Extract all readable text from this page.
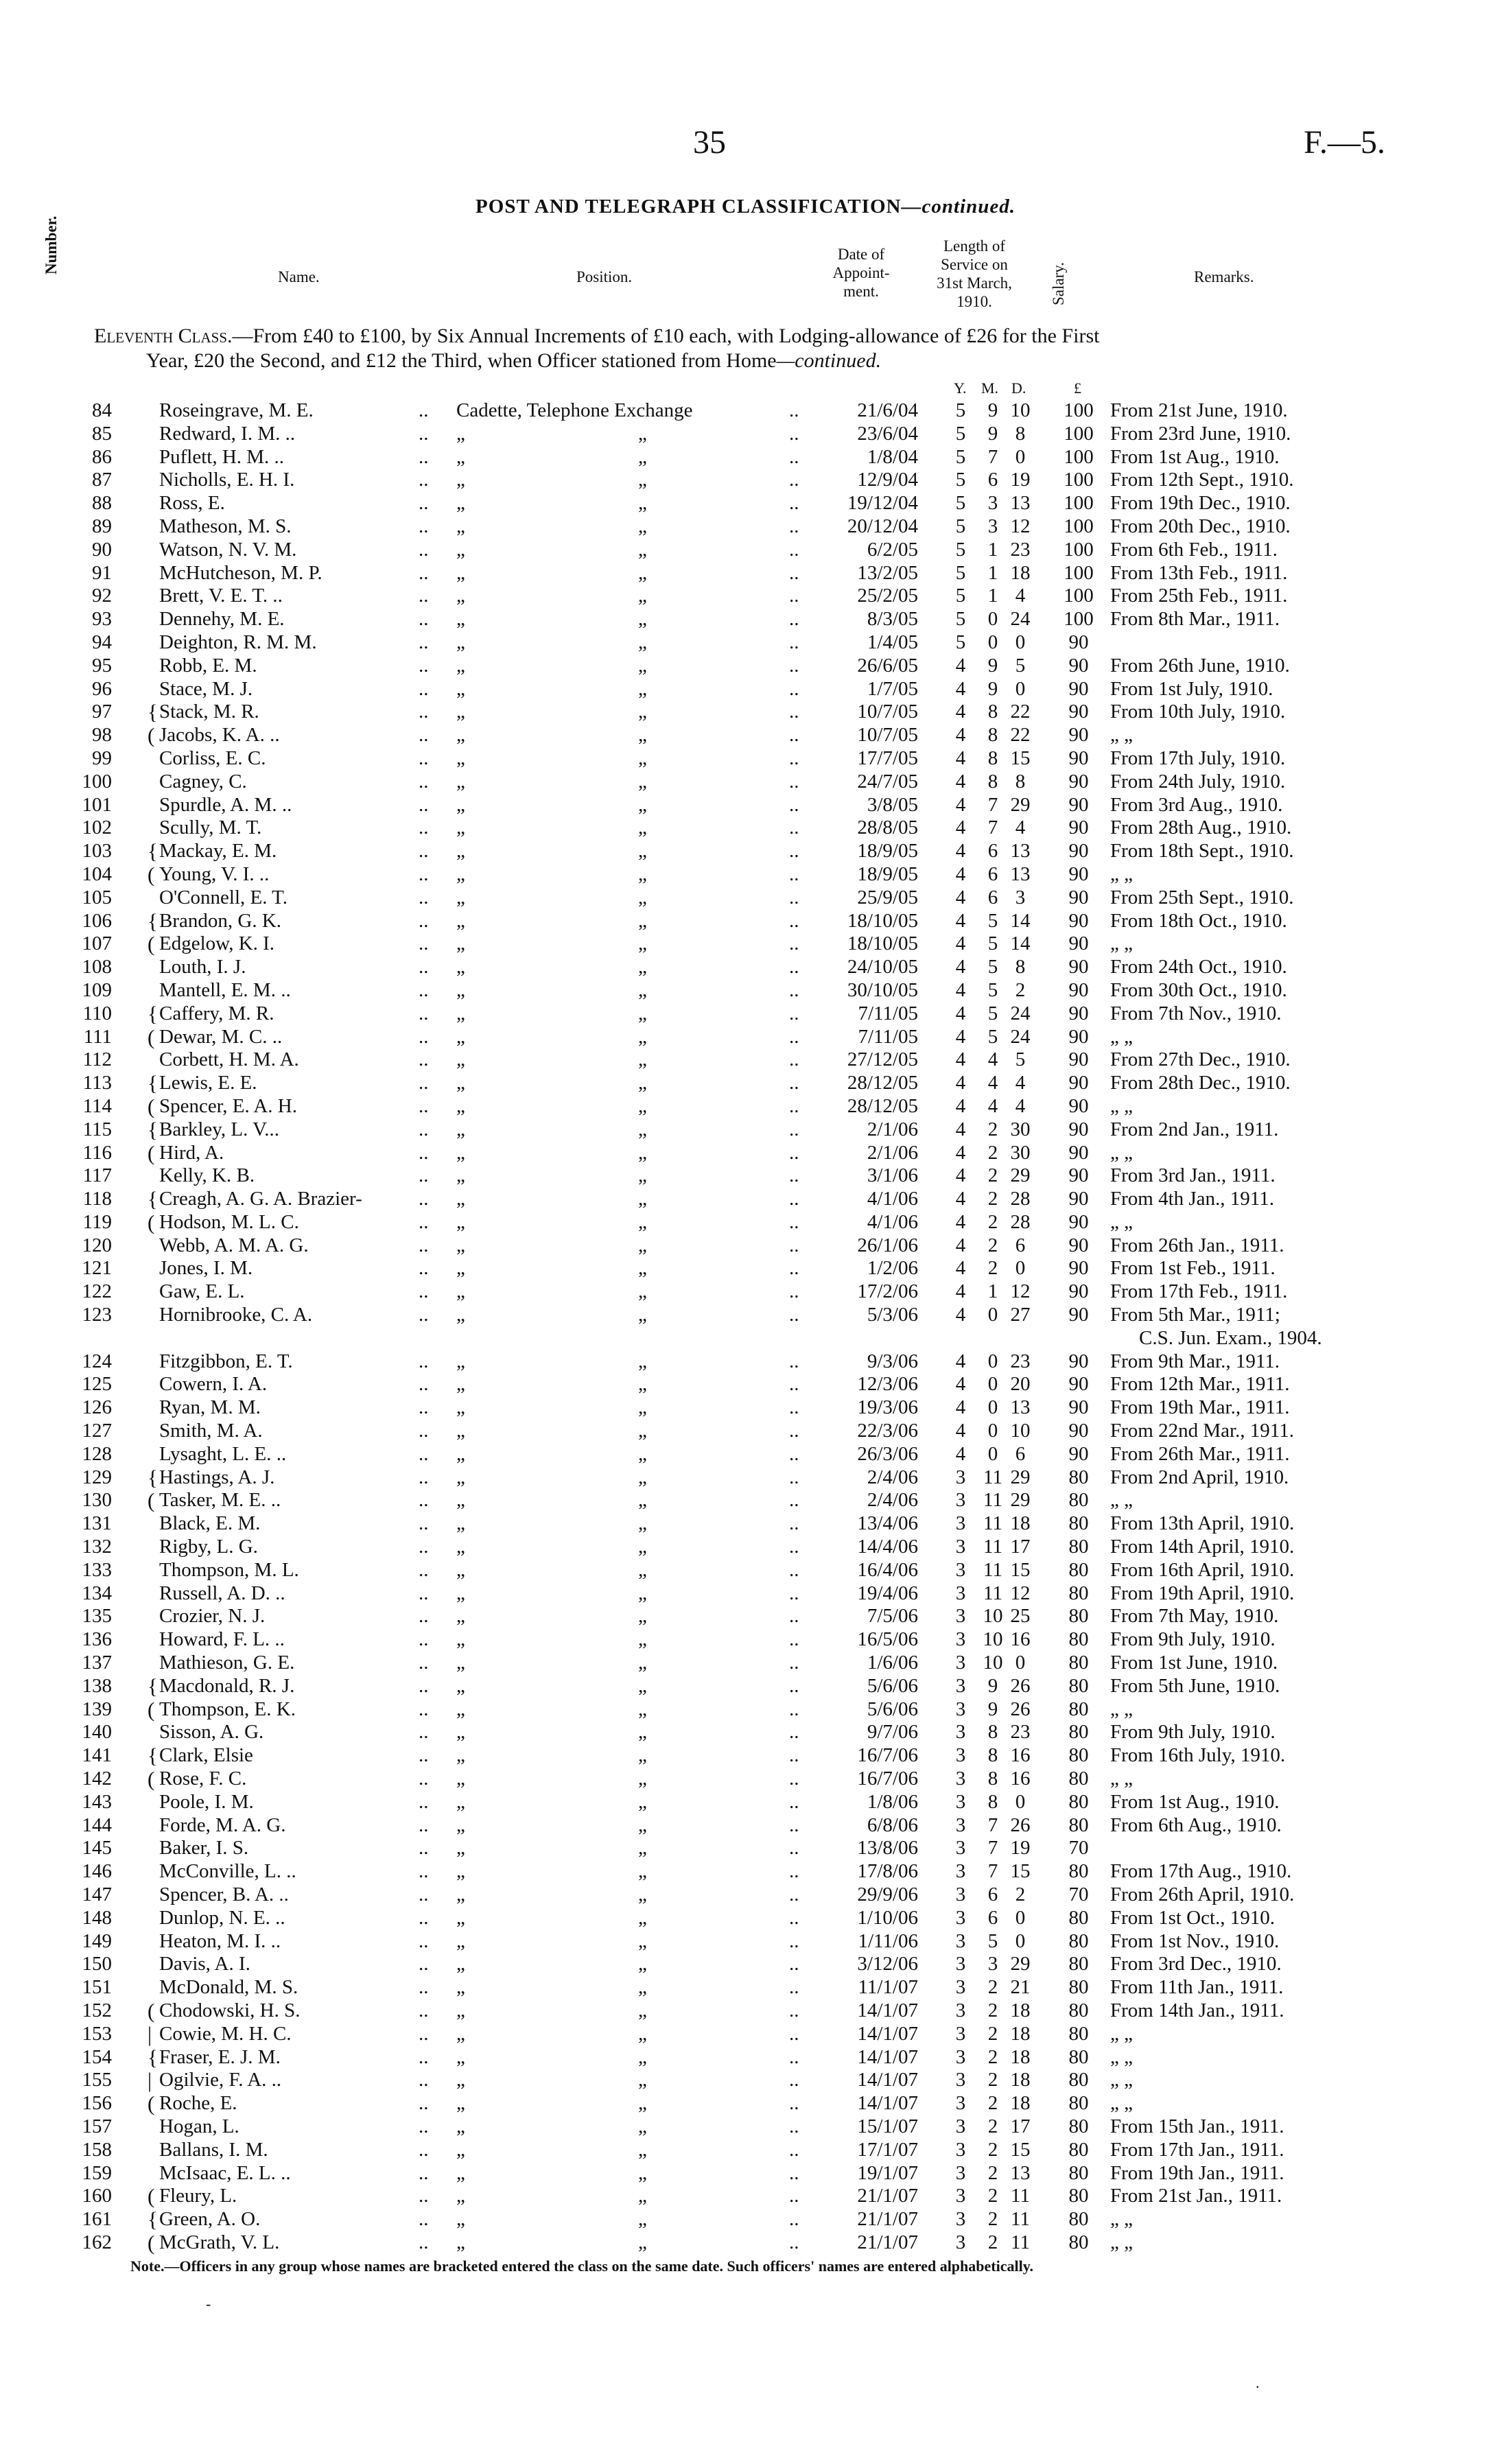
35	F.—5.
POST AND TELEGRAPH CLASSIFICATION—continued.
Number.
Name.	Position.
Date of
Appoint-
ment.
Length of
Service on
31st March,
1910.	Salary.	Remarks.
Eleventh Class.—From £40 to £100, by Six Annual Increments of £10 each, with Lodging-allowance of £26 for the First
Year, £20 the Second, and £12 the Third, when Officer stationed from Home—continued.
Y. M. D.	£
84 Roseingrave, M. E.	.. Cadette, Telephone Exchange	..	21/6/04 5	9 10 100 From 21st June, 1910.
85 Redward, I. M. ..	.. „	„	..	23/6/04 5	9 8	100 From 23rd June, 1910.
86 Puflett, H. M. ..	.. „	„	..	1/8/04 5	7 0	100 From 1st Aug., 1910.
87 Nicholls, E. H. I.	.. „	„	..	12/9/04 5	6 19 100 From 12th Sept., 1910.
88 Ross, E.	.. „	„	.. 19/12/04 5	3 13 100 From 19th Dec., 1910.
89 Matheson, M. S.	.. „	„	.. 20/12/04 5	3 12 100 From 20th Dec., 1910.
90 Watson, N. V. M.	.. „	„	..	6/2/05 5	1 23 100 From 6th Feb., 1911.
91 McHutcheson, M. P.	.. „	„	..	13/2/05 5	1 18 100 From 13th Feb., 1911.
92 Brett, V. E. T. ..	.. „	„	..	25/2/05 5	1 4	100 From 25th Feb., 1911.
93 Dennehy, M. E.	.. „	„	..	8/3/05 5	0 24 100 From 8th Mar., 1911.
94 Deighton, R. M. M.	.. „	„	..	1/4/05 5	0 0	90
95 Robb, E. M.	.. „	„	..	26/6/05 4	9 5	90	From 26th June, 1910.
96 Stace, M. J.	.. „	„	..	1/7/05 4	9 0	90	From 1st July, 1910.
97 { Stack, M. R.	.. „	„	..	10/7/05 4	8 22	90	From 10th July, 1910.
98 ( Jacobs, K. A. ..	.. „	„	..	10/7/05 4	8 22	90	„ „
99 Corliss, E. C.	.. „	„	..	17/7/05 4	8 15	90	From 17th July, 1910.
100 Cagney, C.	.. „	„	..	24/7/05 4	8 8	90	From 24th July, 1910.
101 Spurdle, A. M. ..	.. „	„	..	3/8/05 4	7 29	90	From 3rd Aug., 1910.
102 Scully, M. T.	.. „	„	..	28/8/05 4	7 4	90	From 28th Aug., 1910.
103 { Mackay, E. M.	.. „	„	..	18/9/05 4	6 13	90	From 18th Sept., 1910.
104 ( Young, V. I. ..	.. „	„	..	18/9/05 4	6 13	90	„ „
105 O'Connell, E. T.	.. „	„	..	25/9/05 4	6 3	90	From 25th Sept., 1910.
106 { Brandon, G. K.	.. „	„	.. 18/10/05 4	5 14	90	From 18th Oct., 1910.
107 ( Edgelow, K. I.	.. „	„	.. 18/10/05 4	5 14	90	„ „
108 Louth, I. J.	.. „	„	.. 24/10/05 4	5 8	90	From 24th Oct., 1910.
109 Mantell, E. M. ..	.. „	„	.. 30/10/05 4	5 2	90	From 30th Oct., 1910.
110 { Caffery, M. R.	.. „	„	..	7/11/05 4	5 24	90	From 7th Nov., 1910.
111 ( Dewar, M. C. ..	.. „	„	..	7/11/05 4	5 24	90	„ „
112 Corbett, H. M. A.	.. „	„	.. 27/12/05 4	4 5	90	From 27th Dec., 1910.
113 { Lewis, E. E.	.. „	„	.. 28/12/05 4	4 4	90	From 28th Dec., 1910.
114 ( Spencer, E. A. H.	.. „	„	.. 28/12/05 4	4 4	90	„ „
115 { Barkley, L. V...	.. „	„	..	2/1/06 4	2 30	90	From 2nd Jan., 1911.
116 ( Hird, A.	.. „	„	..	2/1/06 4	2 30	90	„ „
117 Kelly, K. B.	.. „	„	..	3/1/06 4	2 29	90	From 3rd Jan., 1911.
118 { Creagh, A. G. A. Brazier-	.. „	„	..	4/1/06 4	2 28	90	From 4th Jan., 1911.
119 ( Hodson, M. L. C.	.. „	„	..	4/1/06 4	2 28	90	„ „
120 Webb, A. M. A. G.	.. „	„	..	26/1/06 4	2 6	90	From 26th Jan., 1911.
121 Jones, I. M.	.. „	„	..	1/2/06 4	2 0	90	From 1st Feb., 1911.
122 Gaw, E. L.	.. „	„	..	17/2/06 4	1 12	90	From 17th Feb., 1911.
123 Hornibrooke, C. A.	.. „	„	..	5/3/06 4	0 27	90	From 5th Mar., 1911;
C.S. Jun. Exam., 1904.
124 Fitzgibbon, E. T.	.. „	„	..	9/3/06 4	0 23	90	From 9th Mar., 1911.
125 Cowern, I. A.	.. „	„	..	12/3/06 4	0 20	90	From 12th Mar., 1911.
126 Ryan, M. M.	.. „	„	..	19/3/06 4	0 13	90	From 19th Mar., 1911.
127 Smith, M. A.	.. „	„	..	22/3/06 4	0 10	90	From 22nd Mar., 1911.
128 Lysaght, L. E. ..	.. „	„	..	26/3/06 4	0 6	90	From 26th Mar., 1911.
129 { Hastings, A. J.	.. „	„	..	2/4/06 3 11 29	80	From 2nd April, 1910.
130 ( Tasker, M. E. ..	.. „	„	..	2/4/06 3 11 29	80	„ „
131 Black, E. M.	.. „	„	..	13/4/06 3 11 18	80	From 13th April, 1910.
132 Rigby, L. G.	.. „	„	..	14/4/06 3 11 17	80	From 14th April, 1910.
133 Thompson, M. L.	.. „	„	..	16/4/06 3 11 15	80	From 16th April, 1910.
134 Russell, A. D. ..	.. „	„	..	19/4/06 3 11 12	80	From 19th April, 1910.
135 Crozier, N. J.	.. „	„	..	7/5/06 3 10 25	80	From 7th May, 1910.
136 Howard, F. L. ..	.. „	„	..	16/5/06 3 10 16	80	From 9th July, 1910.
137 Mathieson, G. E.	.. „	„	..	1/6/06 3 10 0	80	From 1st June, 1910.
138 { Macdonald, R. J.	.. „	„	..	5/6/06 3	9 26	80	From 5th June, 1910.
139 ( Thompson, E. K.	.. „	„	..	5/6/06 3	9 26	80	„ „
140 Sisson, A. G.	.. „	„	..	9/7/06 3	8 23	80	From 9th July, 1910.
141 { Clark, Elsie	.. „	„	..	16/7/06 3	8 16	80	From 16th July, 1910.
142 ( Rose, F. C.	.. „	„	..	16/7/06 3	8 16	80	„ „
143 Poole, I. M.	.. „	„	..	1/8/06 3	8 0	80	From 1st Aug., 1910.
144 Forde, M. A. G.	.. „	„	..	6/8/06 3	7 26	80	From 6th Aug., 1910.
145 Baker, I. S.	.. „	„	..	13/8/06 3	7 19	70
146 McConville, L. ..	.. „	„	..	17/8/06 3	7 15	80	From 17th Aug., 1910.
147 Spencer, B. A. ..	.. „	„	..	29/9/06 3	6 2	70	From 26th April, 1910.
148 Dunlop, N. E. ..	.. „	„	..	1/10/06 3	6 0	80	From 1st Oct., 1910.
149 Heaton, M. I. ..	.. „	„	..	1/11/06 3	5 0	80	From 1st Nov., 1910.
150 Davis, A. I.	.. „	„	..	3/12/06 3	3 29	80	From 3rd Dec., 1910.
151 McDonald, M. S.	.. „	„	..	11/1/07 3	2 21	80	From 11th Jan., 1911.
152 ( Chodowski, H. S.	.. „	„	..	14/1/07 3	2 18	80	From 14th Jan., 1911.
153 | Cowie, M. H. C.	.. „	„	..	14/1/07 3	2 18	80	„ „
154 { Fraser, E. J. M.	.. „	„	..	14/1/07 3	2 18	80	„ „
155 | Ogilvie, F. A. ..	.. „	„	..	14/1/07 3	2 18	80	„ „
156 ( Roche, E.	.. „	„	..	14/1/07 3	2 18	80	„ „
157 Hogan, L.	.. „	„	..	15/1/07 3	2 17	80	From 15th Jan., 1911.
158 Ballans, I. M.	.. „	„	..	17/1/07 3	2 15	80	From 17th Jan., 1911.
159 McIsaac, E. L. ..	.. „	„	..	19/1/07 3	2 13	80	From 19th Jan., 1911.
160 ( Fleury, L.	.. „	„	..	21/1/07 3	2 11	80	From 21st Jan., 1911.
161 { Green, A. O.	.. „	„	..	21/1/07 3	2 11	80	„ „
162 ( McGrath, V. L.	.. „	„	..	21/1/07 3	2 11	80	„ „
Note.—Officers in any group whose names are bracketed entered the class on the same date. Such officers' names are entered alphabetically.
-
.
